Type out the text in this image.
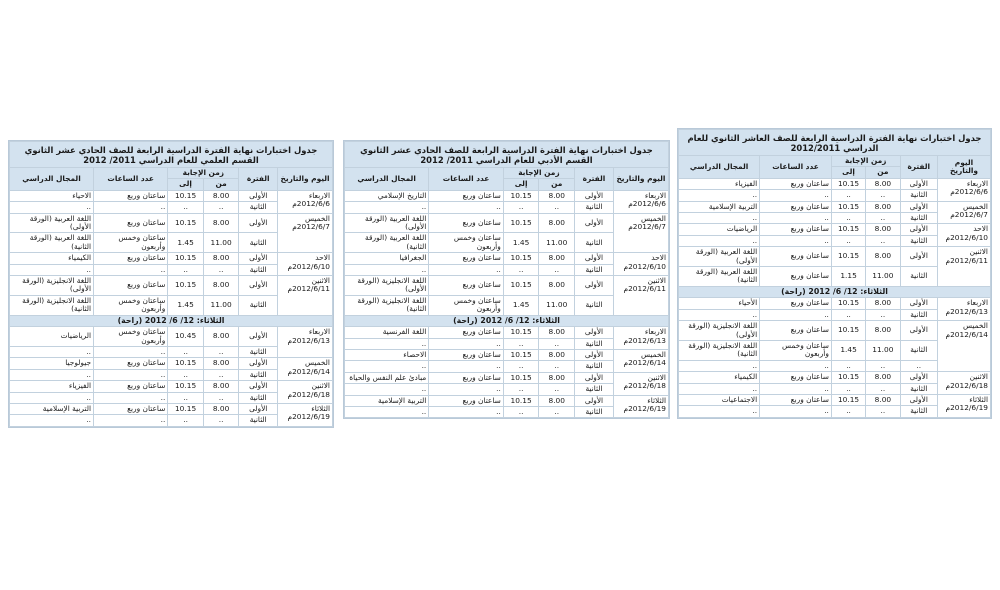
جدول اختبارات نهاية الفترة الدراسية الرابعة للصف العاشر الثانوي للعام الدراسي 2012/2011					

اليوم والتاريخ	الفترة	زمن الإجابة		عدد الساعات	المجال الدراسي
		من	إلى		

الاربعاء
2012/6/6م	الأولى	8.00	10.15	ساعتان وربع	الفيزياء
	الثانية	..	..	..	..

الخميس
2012/6/7م	الأولى	8.00	10.15	ساعتان وربع	التربية الإسلامية
	الثانية	..	..	..	..

الاحد
2012/6/10م	الأولى	8.00	10.15	ساعتان وربع	الرياضيات
	الثانية	..	..	..	..

الاثنين
2012/6/11م	الأولى	8.00	10.15	ساعتان وربع	اللغة العربية (الورقة الأولى)
	الثانية	11.00	1.15	ساعتان وربع	اللغة العربية (الورقة الثانية)
الثلاثاء: 12/ 6/ 2012 (راحة)					

الاربعاء
2012/6/13م	الأولى	8.00	10.15	ساعتان وربع	الأحياء
	الثانية	..	..	..	..

الخميس
2012/6/14م	الأولى	8.00	10.15	ساعتان وربع	اللغة الانجليزية (الورقة الأولى)
	الثانية	11.00	1.45	ساعتان وخمس وأربعون	اللغة الانجليزية (الورقة الثانية)
	..	..	..	..	..

الاثنين
2012/6/18م	الأولى	8.00	10.15	ساعتان وربع	الكيمياء
	الثانية	..	..	..	..

الثلاثاء
2012/6/19م	الأولى	8.00	10.15	ساعتان وربع	الاجتماعيات
	الثانية	..	..	..	..
جدول اختبارات نهاية الفترة الدراسية الرابعة للصف الحادي عشر الثانوي
القسم الأدبي للعام الدراسي 2011/ 2012					

اليوم والتاريخ	الفترة	زمن الإجابة		عدد الساعات	المجال الدراسي
		من	إلى		

الاربعاء
2012/6/6م	الأولى	8.00	10.15	ساعتان وربع	التاريخ الإسلامي
	الثانية	..	..	..	..

الخميس
2012/6/7م	الأولى	8.00	10.15	ساعتان وربع	اللغة العربية (الورقة الأولى)
	الثانية	11.00	1.45	ساعتان وخمس وأربعون	اللغة العربية (الورقة الثانية)

الاحد
2012/6/10م	الأولى	8.00	10.15	ساعتان وربع	الجغرافيا
	الثانية	..	..	..	..

الاثنين
2012/6/11م	الأولى	8.00	10.15	ساعتان وربع	اللغة الانجليزية (الورقة الأولى)
	الثانية	11.00	1.45	ساعتان وخمس وأربعون	اللغة الانجليزية (الورقة الثانية)
الثلاثاء: 12/ 6/ 2012 (راحة)					

الاربعاء
2012/6/13م	الأولى	8.00	10.15	ساعتان وربع	اللغة الفرنسية
	الثانية	..	..	..	..

الخميس
2012/6/14م	الأولى	8.00	10.15	ساعتان وربع	الاحصاء
	الثانية	..	..	..	..

الاثنين
2012/6/18م	الأولى	8.00	10.15	ساعتان وربع	مبادئ علم النفس والحياة
	الثانية	..	..	..	..

الثلاثاء
2012/6/19م	الأولى	8.00	10.15	ساعتان وربع	التربية الإسلامية
	الثانية	..	..	..	..
جدول اختبارات نهاية الفترة الدراسية الرابعة للصف الحادي عشر الثانوي
القسم العلمي للعام الدراسي 2011/ 2012					

اليوم والتاريخ	الفترة	زمن الإجابة		عدد الساعات	المجال الدراسي
		من	إلى		

الاربعاء
2012/6/6م	الأولى	8.00	10.15	ساعتان وربع	الاحياء
	الثانية	..	..	..	..

الخميس
2012/6/7م	الأولى	8.00	10.15	ساعتان وربع	اللغة العربية (الورقة الأولى)
	الثانية	11.00	1.45	ساعتان وخمس وأربعون	اللغة العربية (الورقة الثانية)

الاحد
2012/6/10م	الأولى	8.00	10.15	ساعتان وربع	الكيمياء
	الثانية	..	..	..	..

الاثنين
2012/6/11م	الأولى	8.00	10.15	ساعتان وربع	اللغة الانجليزية (الورقة الأولى)
	الثانية	11.00	1.45	ساعتان وخمس وأربعون	اللغة الانجليزية (الورقة الثانية)
الثلاثاء: 12/ 6/ 2012 (راحة)					

الاربعاء
2012/6/13م	الأولى	8.00	10.45	ساعتان وخمس وأربعون	الرياضيات
	الثانية	..	..	..	..

الخميس
2012/6/14م	الأولى	8.00	10.15	ساعتان وربع	جيولوجيا
	الثانية	..	..	..	..

الاثنين
2012/6/18م	الأولى	8.00	10.15	ساعتان وربع	الفيزياء
	الثانية	..	..	..	..

الثلاثاء
2012/6/19م	الأولى	8.00	10.15	ساعتان وربع	التربية الإسلامية
	الثانية	..	..	..	..
